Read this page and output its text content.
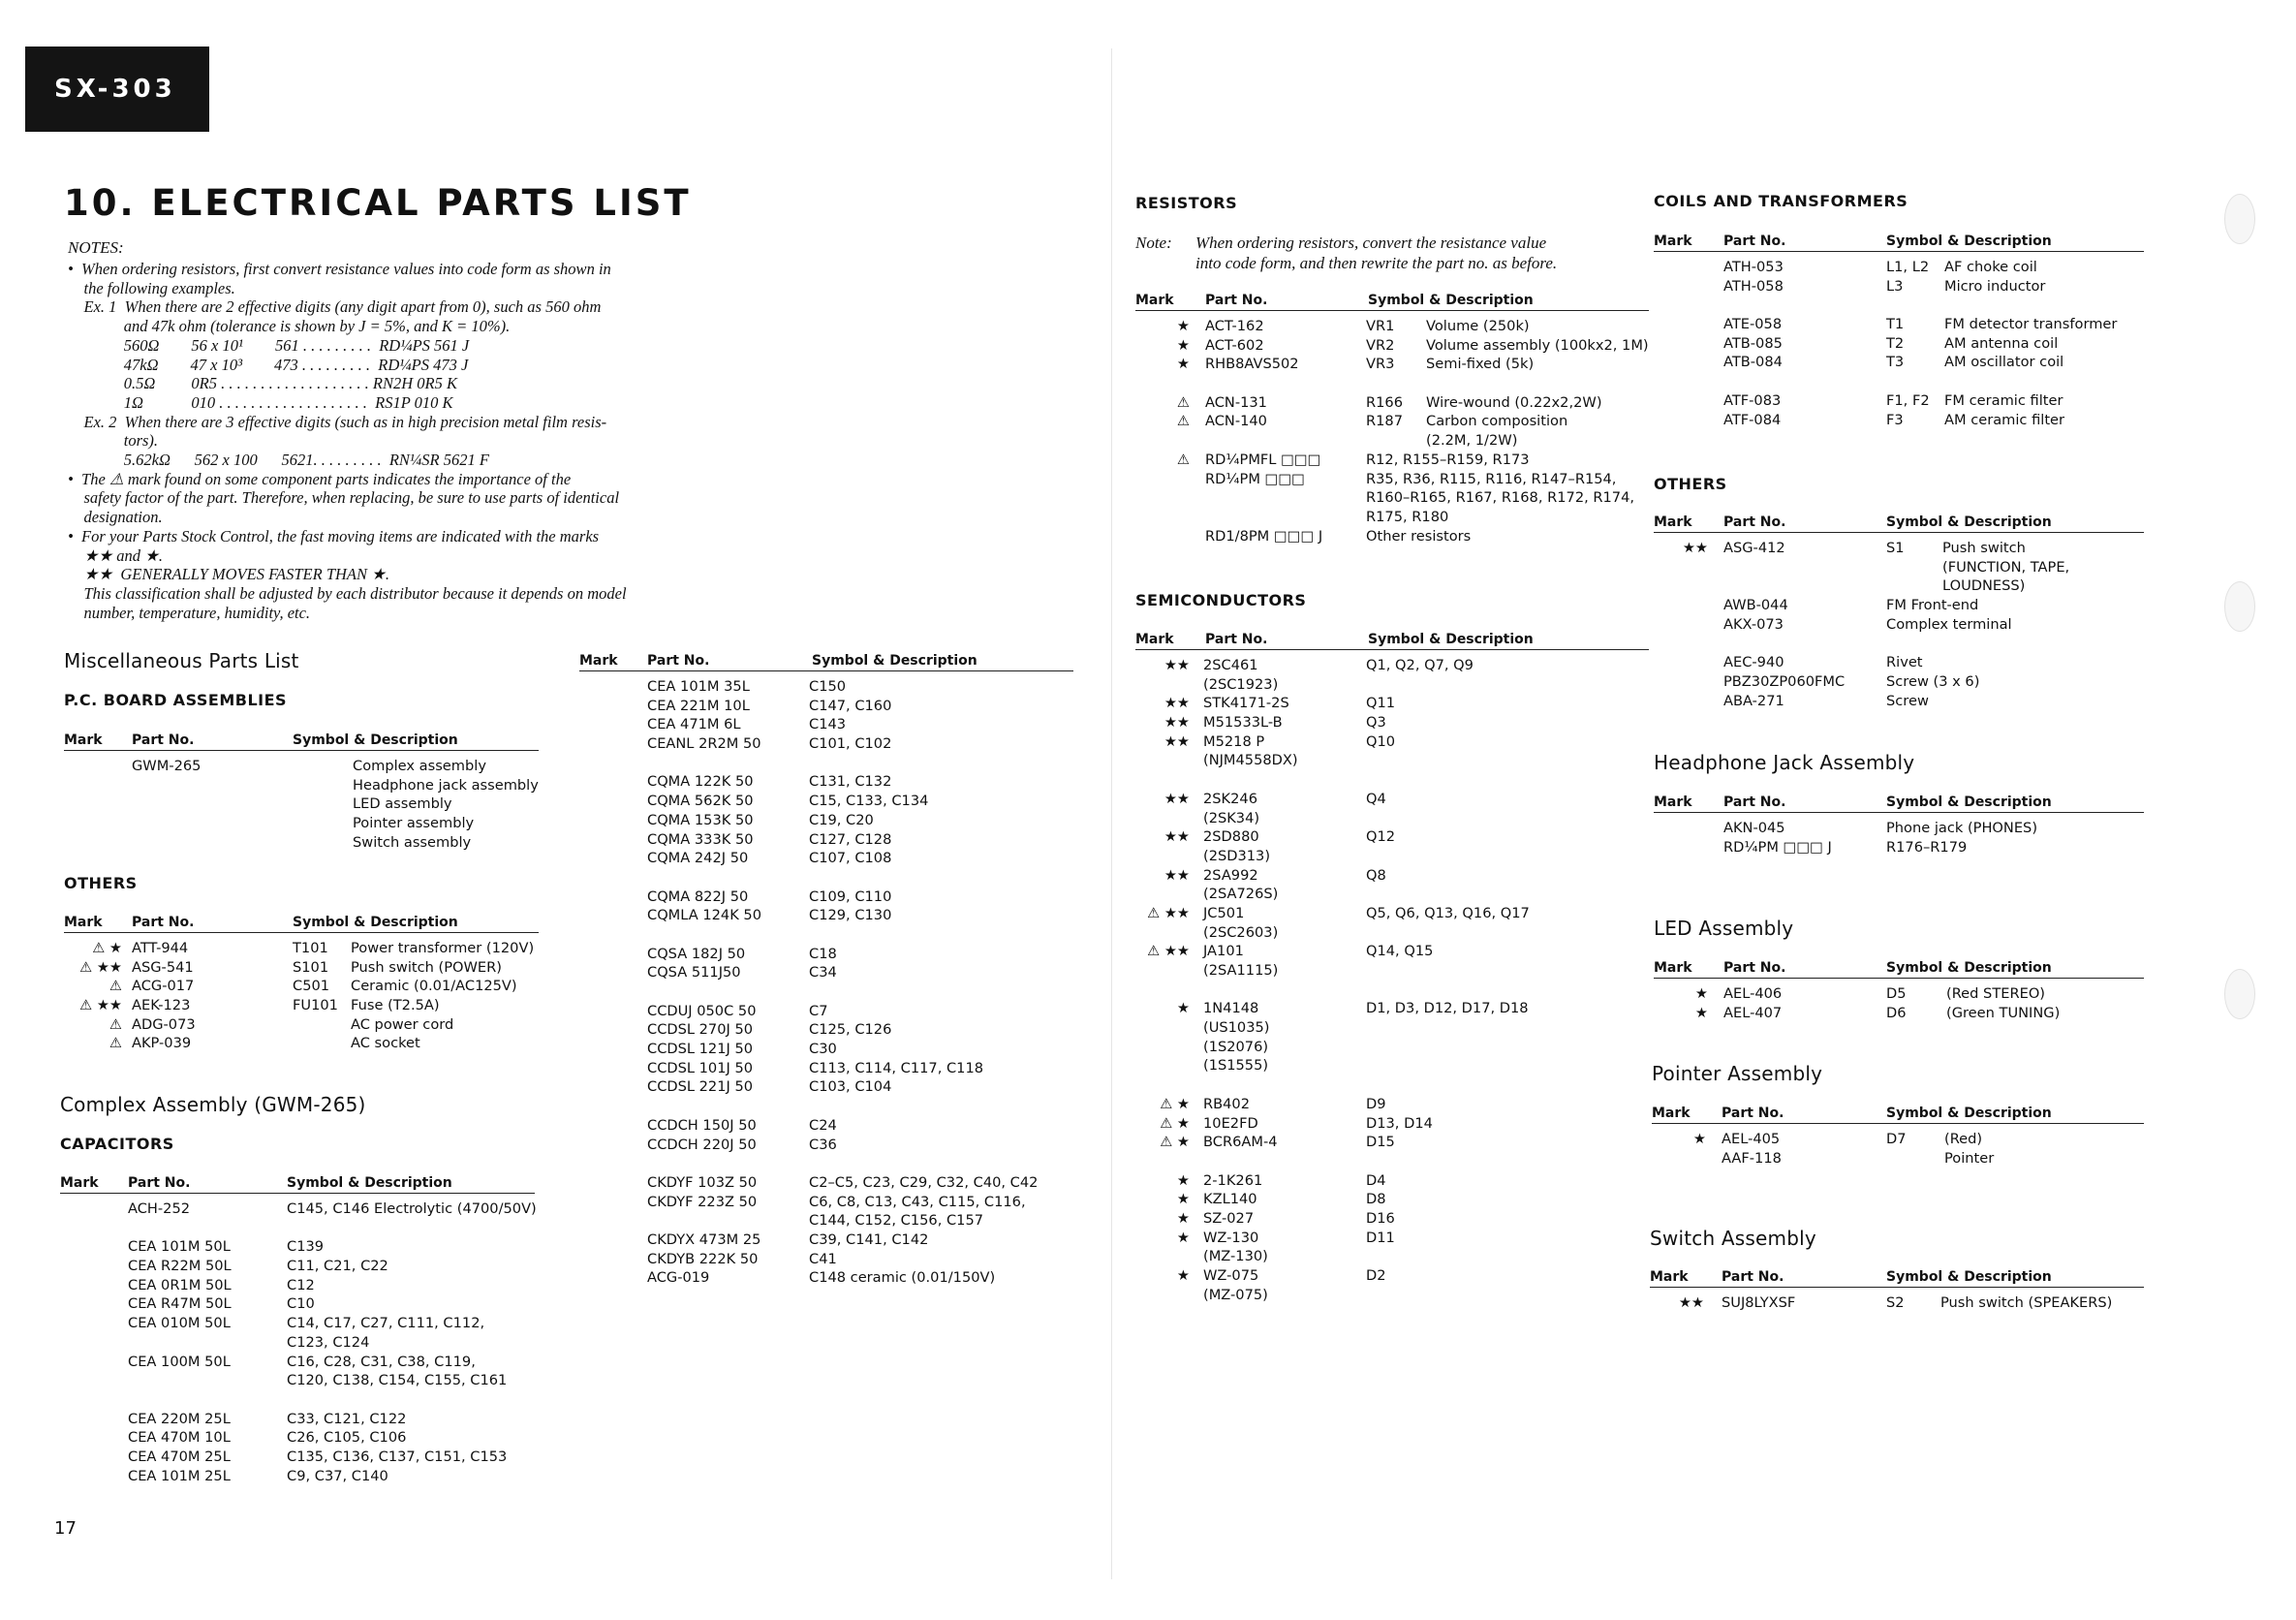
SX-303
10. ELECTRICAL PARTS LIST
NOTES:
•  When ordering resistors, first convert resistance values into code form as shown in
the following examples.
Ex. 1  When there are 2 effective digits (any digit apart from 0), such as 560 ohm
and 47k ohm (tolerance is shown by J = 5%, and K = 10%).
560Ω        56 x 10¹        561 . . . . . . . . .  RD¼PS 561 J
47kΩ        47 x 10³        473 . . . . . . . . .  RD¼PS 473 J
0.5Ω         0R5 . . . . . . . . . . . . . . . . . . . RN2H 0R5 K
1Ω            010 . . . . . . . . . . . . . . . . . . .  RS1P 010 K
Ex. 2  When there are 3 effective digits (such as in high precision metal film resis-
tors).
5.62kΩ      562 x 100      5621. . . . . . . . .  RN¼SR 5621 F
•  The ⚠ mark found on some component parts indicates the importance of the
safety factor of the part. Therefore, when replacing, be sure to use parts of identical
designation.
•  For your Parts Stock Control, the fast moving items are indicated with the marks
★★ and ★.
★★  GENERALLY MOVES FASTER THAN ★.
This classification shall be adjusted by each distributor because it depends on model
number, temperature, humidity, etc.
Miscellaneous Parts List
P.C. BOARD ASSEMBLIES
Mark Part No.	Symbol & Description
GWM-265	Complex assembly
Headphone jack assembly
LED assembly
Pointer assembly
Switch assembly
OTHERS
Mark Part No.	Symbol & Description
⚠ ★ ATT-944	T101 Power transformer (120V)
⚠ ★★ ASG-541	S101 Push switch (POWER)
⚠ ACG-017	C501 Ceramic (0.01/AC125V)
⚠ ★★ AEK-123	FU101 Fuse (T2.5A)
⚠ ADG-073	AC power cord
⚠ AKP-039	AC socket
Complex Assembly (GWM-265)
CAPACITORS
Mark Part No.	Symbol & Description
ACH-252	C145, C146 Electrolytic (4700/50V)
CEA 101M 50L	C139
CEA R22M 50L	C11, C21, C22
CEA 0R1M 50L	C12
CEA R47M 50L	C10
CEA 010M 50L	C14, C17, C27, C111, C112,
C123, C124
CEA 100M 50L	C16, C28, C31, C38, C119,
C120, C138, C154, C155, C161
CEA 220M 25L	C33, C121, C122
CEA 470M 10L	C26, C105, C106
CEA 470M 25L	C135, C136, C137, C151, C153
CEA 101M 25L	C9, C37, C140
Mark Part No.	Symbol & Description
CEA 101M 35L	C150
CEA 221M 10L	C147, C160
CEA 471M 6L	C143
CEANL 2R2M 50	C101, C102
CQMA 122K 50	C131, C132
CQMA 562K 50	C15, C133, C134
CQMA 153K 50	C19, C20
CQMA 333K 50	C127, C128
CQMA 242J 50	C107, C108
CQMA 822J 50	C109, C110
CQMLA 124K 50	C129, C130
CQSA 182J 50	C18
CQSA 511J50	C34
CCDUJ 050C 50	C7
CCDSL 270J 50	C125, C126
CCDSL 121J 50	C30
CCDSL 101J 50	C113, C114, C117, C118
CCDSL 221J 50	C103, C104
CCDCH 150J 50	C24
CCDCH 220J 50	C36
CKDYF 103Z 50	C2–C5, C23, C29, C32, C40, C42
CKDYF 223Z 50	C6, C8, C13, C43, C115, C116,
C144, C152, C156, C157
CKDYX 473M 25	C39, C141, C142
CKDYB 222K 50	C41
ACG-019	C148 ceramic (0.01/150V)
RESISTORS
Note: When ordering resistors, convert the resistance value
into code form, and then rewrite the part no. as before.
Mark Part No.	Symbol & Description
★ ACT-162	VR1 Volume (250k)
★ ACT-602	VR2 Volume assembly (100kx2, 1M)
★ RHB8AVS502	VR3 Semi-fixed (5k)
⚠ ACN-131	R166 Wire-wound (0.22x2,2W)
⚠ ACN-140	R187 Carbon composition
(2.2M, 1/2W)
⚠ RD¼PMFL □□□	R12, R155–R159, R173
RD¼PM □□□	R35, R36, R115, R116, R147–R154,
R160–R165, R167, R168, R172, R174,
R175, R180
RD1/8PM □□□ J	Other resistors
SEMICONDUCTORS
Mark Part No.	Symbol & Description
★★ 2SC461	Q1, Q2, Q7, Q9
(2SC1923)
★★ STK4171-2S	Q11
★★ M51533L-B	Q3
★★ M5218 P	Q10
(NJM4558DX)
★★ 2SK246	Q4
(2SK34)
★★ 2SD880	Q12
(2SD313)
★★ 2SA992	Q8
(2SA726S)
⚠ ★★ JC501	Q5, Q6, Q13, Q16, Q17
(2SC2603)
⚠ ★★ JA101	Q14, Q15
(2SA1115)
★ 1N4148	D1, D3, D12, D17, D18
(US1035)
(1S2076)
(1S1555)
⚠ ★ RB402	D9
⚠ ★ 10E2FD	D13, D14
⚠ ★ BCR6AM-4	D15
★ 2-1K261	D4
★ KZL140	D8
★ SZ-027	D16
★ WZ-130	D11
(MZ-130)
★ WZ-075	D2
(MZ-075)
COILS AND TRANSFORMERS
Mark Part No.	Symbol & Description
ATH-053	L1, L2 AF choke coil
ATH-058	L3	Micro inductor
ATE-058	T1	FM detector transformer
ATB-085	T2	AM antenna coil
ATB-084	T3	AM oscillator coil
ATF-083	F1, F2 FM ceramic filter
ATF-084	F3	AM ceramic filter
OTHERS
Mark Part No.	Symbol & Description
★★ ASG-412	S1	Push switch
(FUNCTION, TAPE,
LOUDNESS)
AWB-044	FM Front-end
AKX-073	Complex terminal
AEC-940	Rivet
PBZ30ZP060FMC	Screw (3 x 6)
ABA-271	Screw
Headphone Jack Assembly
Mark Part No.	Symbol & Description
AKN-045	Phone jack (PHONES)
RD¼PM □□□ J	R176–R179
LED Assembly
Mark Part No.	Symbol & Description
★ AEL-406	D5	(Red STEREO)
★ AEL-407	D6	(Green TUNING)
Pointer Assembly
Mark Part No.	Symbol & Description
★ AEL-405	D7	(Red)
AAF-118	Pointer
Switch Assembly
Mark Part No.	Symbol & Description
★★ SUJ8LYXSF	S2	Push switch (SPEAKERS)
17
